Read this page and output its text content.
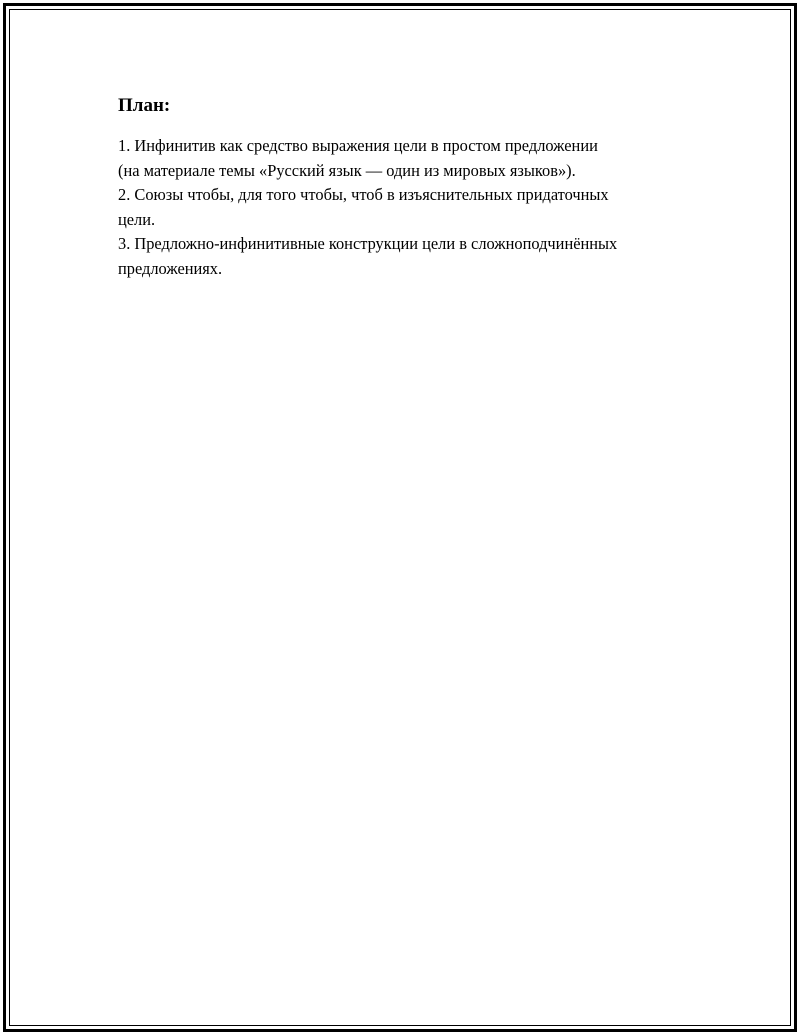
План:
1. Инфинитив как средство выражения цели в простом предложении
(на материале темы «Русский язык — один из мировых языков»).
2. Союзы чтобы, для того чтобы, чтоб в изъяснительных придаточных
цели.
3. Предложно-инфинитивные конструкции цели в сложноподчинённых
предложениях.
